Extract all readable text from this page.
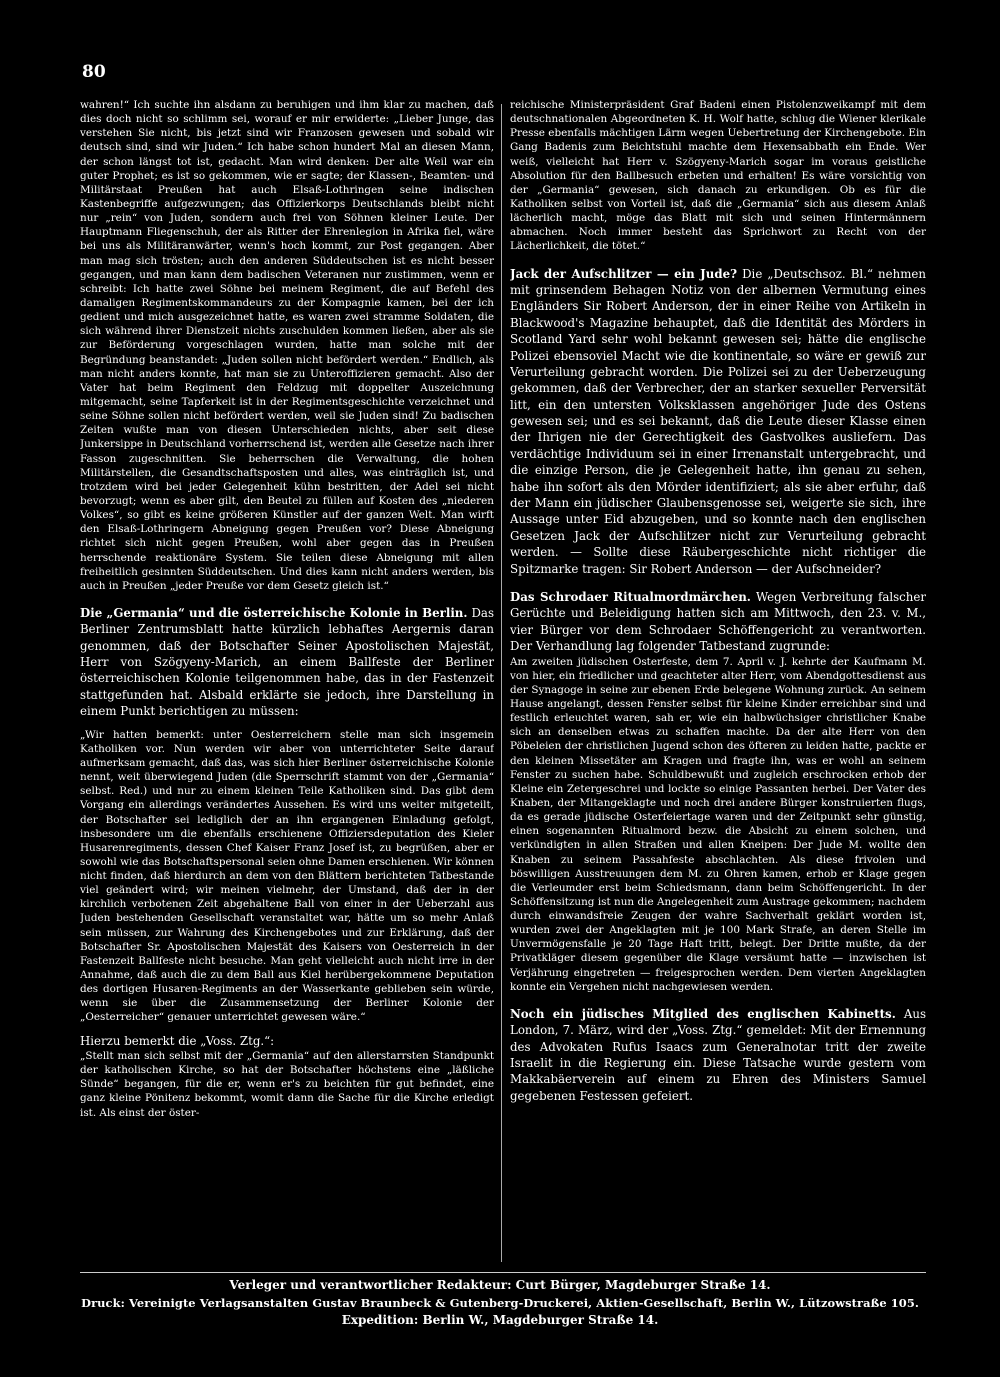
80

wahren!“ Ich suchte ihn alsdann zu beruhigen und ihm klar zu machen, daß dies doch nicht so schlimm sei, worauf er mir erwiderte: „Lieber Junge, das verstehen Sie nicht, bis jetzt sind wir Franzosen gewesen und sobald wir deutsch sind, sind wir Juden.“ Ich habe schon hundert Mal an diesen Mann, der schon längst tot ist, gedacht. Man wird denken: Der alte Weil war ein guter Prophet; es ist so gekommen, wie er sagte; der Klassen-, Beamten- und Militärstaat Preußen hat auch Elsaß-Lothringen seine indischen Kastenbegriffe aufgezwungen; das Offizierkorps Deutschlands bleibt nicht nur „rein“ von Juden, sondern auch frei von Söhnen kleiner Leute. Der Hauptmann Fliegenschuh, der als Ritter der Ehrenlegion in Afrika fiel, wäre bei uns als Militäranwärter, wenn's hoch kommt, zur Post gegangen. Aber man mag sich trösten; auch den anderen Süddeutschen ist es nicht besser gegangen, und man kann dem badischen Veteranen nur zustimmen, wenn er schreibt: Ich hatte zwei Söhne bei meinem Regiment, die auf Befehl des damaligen Regimentskommandeurs zu der Kompagnie kamen, bei der ich gedient und mich ausgezeichnet hatte, es waren zwei stramme Soldaten, die sich während ihrer Dienstzeit nichts zuschulden kommen ließen, aber als sie zur Beförderung vorgeschlagen wurden, hatte man solche mit der Begründung beanstandet: „Juden sollen nicht befördert werden.“ Endlich, als man nicht anders konnte, hat man sie zu Unteroffizieren gemacht. Also der Vater hat beim Regiment den Feldzug mit doppelter Auszeichnung mitgemacht, seine Tapferkeit ist in der Regimentsgeschichte verzeichnet und seine Söhne sollen nicht befördert werden, weil sie Juden sind! Zu badischen Zeiten wußte man von diesen Unterschieden nichts, aber seit diese Junkersippe in Deutschland vorherrschend ist, werden alle Gesetze nach ihrer Fasson zugeschnitten. Sie beherrschen die Verwaltung, die hohen Militärstellen, die Gesandtschaftsposten und alles, was einträglich ist, und trotzdem wird bei jeder Gelegenheit kühn bestritten, der Adel sei nicht bevorzugt; wenn es aber gilt, den Beutel zu füllen auf Kosten des „niederen Volkes“, so gibt es keine größeren Künstler auf der ganzen Welt. Man wirft den Elsaß-Lothringern Abneigung gegen Preußen vor? Diese Abneigung richtet sich nicht gegen Preußen, wohl aber gegen das in Preußen herrschende reaktionäre System. Sie teilen diese Abneigung mit allen freiheitlich gesinnten Süddeutschen. Und dies kann nicht anders werden, bis auch in Preußen „jeder Preuße vor dem Gesetz gleich ist.“

Die „Germania“ und die österreichische Kolonie in Berlin. Das Berliner Zentrumsblatt hatte kürzlich lebhaftes Aergernis daran genommen, daß der Botschafter Seiner Apostolischen Majestät, Herr von Szögyeny-Marich, an einem Ballfeste der Berliner österreichischen Kolonie teilgenommen habe, das in der Fastenzeit stattgefunden hat. Alsbald erklärte sie jedoch, ihre Darstellung in einem Punkt berichtigen zu müssen:

„Wir hatten bemerkt: unter Oesterreichern stelle man sich insgemein Katholiken vor. Nun werden wir aber von unterrichteter Seite darauf aufmerksam gemacht, daß das, was sich hier Berliner österreichische Kolonie nennt, weit überwiegend Juden (die Sperrschrift stammt von der „Germania“ selbst. Red.) und nur zu einem kleinen Teile Katholiken sind. Das gibt dem Vorgang ein allerdings verändertes Aussehen. Es wird uns weiter mitgeteilt, der Botschafter sei lediglich der an ihn ergangenen Einladung gefolgt, insbesondere um die ebenfalls erschienene Offiziersdeputation des Kieler Husarenregiments, dessen Chef Kaiser Franz Josef ist, zu begrüßen, aber er sowohl wie das Botschaftspersonal seien ohne Damen erschienen. Wir können nicht finden, daß hierdurch an dem von den Blättern berichteten Tatbestande viel geändert wird; wir meinen vielmehr, der Umstand, daß der in der kirchlich verbotenen Zeit abgehaltene Ball von einer in der Ueberzahl aus Juden bestehenden Gesellschaft veranstaltet war, hätte um so mehr Anlaß sein müssen, zur Wahrung des Kirchengebotes und zur Erklärung, daß der Botschafter Sr. Apostolischen Majestät des Kaisers von Oesterreich in der Fastenzeit Ballfeste nicht besuche. Man geht vielleicht auch nicht irre in der Annahme, daß auch die zu dem Ball aus Kiel herübergekommene Deputation des dortigen Husaren-Regiments an der Wasserkante geblieben sein würde, wenn sie über die Zusammensetzung der Berliner Kolonie der „Oesterreicher“ genauer unterrichtet gewesen wäre.“

Hierzu bemerkt die „Voss. Ztg.“:

„Stellt man sich selbst mit der „Germania“ auf den allerstarrsten Standpunkt der katholischen Kirche, so hat der Botschafter höchstens eine „läßliche Sünde“ begangen, für die er, wenn er's zu beichten für gut befindet, eine ganz kleine Pönitenz bekommt, womit dann die Sache für die Kirche erledigt ist. Als einst der öster-

reichische Ministerpräsident Graf Badeni einen Pistolenzweikampf mit dem deutschnationalen Abgeordneten K. H. Wolf hatte, schlug die Wiener klerikale Presse ebenfalls mächtigen Lärm wegen Uebertretung der Kirchengebote. Ein Gang Badenis zum Beichtstuhl machte dem Hexensabbath ein Ende. Wer weiß, vielleicht hat Herr v. Szögyeny-Marich sogar im voraus geistliche Absolution für den Ballbesuch erbeten und erhalten! Es wäre vorsichtig von der „Germania“ gewesen, sich danach zu erkundigen. Ob es für die Katholiken selbst von Vorteil ist, daß die „Germania“ sich aus diesem Anlaß lächerlich macht, möge das Blatt mit sich und seinen Hintermännern abmachen. Noch immer besteht das Sprichwort zu Recht von der Lächerlichkeit, die tötet.“

Jack der Aufschlitzer — ein Jude? Die „Deutschsoz. Bl.“ nehmen mit grinsendem Behagen Notiz von der albernen Vermutung eines Engländers Sir Robert Anderson, der in einer Reihe von Artikeln in Blackwood's Magazine behauptet, daß die Identität des Mörders in Scotland Yard sehr wohl bekannt gewesen sei; hätte die englische Polizei ebensoviel Macht wie die kontinentale, so wäre er gewiß zur Verurteilung gebracht worden. Die Polizei sei zu der Ueberzeugung gekommen, daß der Verbrecher, der an starker sexueller Perversität litt, ein den untersten Volksklassen angehöriger Jude des Ostens gewesen sei; und es sei bekannt, daß die Leute dieser Klasse einen der Ihrigen nie der Gerechtigkeit des Gastvolkes ausliefern. Das verdächtige Individuum sei in einer Irrenanstalt untergebracht, und die einzige Person, die je Gelegenheit hatte, ihn genau zu sehen, habe ihn sofort als den Mörder identifiziert; als sie aber erfuhr, daß der Mann ein jüdischer Glaubensgenosse sei, weigerte sie sich, ihre Aussage unter Eid abzugeben, und so konnte nach den englischen Gesetzen Jack der Aufschlitzer nicht zur Verurteilung gebracht werden. — Sollte diese Räubergeschichte nicht richtiger die Spitzmarke tragen: Sir Robert Anderson — der Aufschneider?

Das Schrodaer Ritualmordmärchen. Wegen Verbreitung falscher Gerüchte und Beleidigung hatten sich am Mittwoch, den 23. v. M., vier Bürger vor dem Schrodaer Schöffengericht zu verantworten. Der Verhandlung lag folgender Tatbestand zugrunde:

Am zweiten jüdischen Osterfeste, dem 7. April v. J. kehrte der Kaufmann M. von hier, ein friedlicher und geachteter alter Herr, vom Abendgottesdienst aus der Synagoge in seine zur ebenen Erde belegene Wohnung zurück. An seinem Hause angelangt, dessen Fenster selbst für kleine Kinder erreichbar sind und festlich erleuchtet waren, sah er, wie ein halbwüchsiger christlicher Knabe sich an denselben etwas zu schaffen machte. Da der alte Herr von den Pöbeleien der christlichen Jugend schon des öfteren zu leiden hatte, packte er den kleinen Missetäter am Kragen und fragte ihn, was er wohl an seinem Fenster zu suchen habe. Schuldbewußt und zugleich erschrocken erhob der Kleine ein Zetergeschrei und lockte so einige Passanten herbei. Der Vater des Knaben, der Mitangeklagte und noch drei andere Bürger konstruierten flugs, da es gerade jüdische Osterfeiertage waren und der Zeitpunkt sehr günstig, einen sogenannten Ritualmord bezw. die Absicht zu einem solchen, und verkündigten in allen Straßen und allen Kneipen: Der Jude M. wollte den Knaben zu seinem Passahfeste abschlachten. Als diese frivolen und böswilligen Ausstreuungen dem M. zu Ohren kamen, erhob er Klage gegen die Verleumder erst beim Schiedsmann, dann beim Schöffengericht. In der Schöffensitzung ist nun die Angelegenheit zum Austrage gekommen; nachdem durch einwandsfreie Zeugen der wahre Sachverhalt geklärt worden ist, wurden zwei der Angeklagten mit je 100 Mark Strafe, an deren Stelle im Unvermögensfalle je 20 Tage Haft tritt, belegt. Der Dritte mußte, da der Privatkläger diesem gegenüber die Klage versäumt hatte — inzwischen ist Verjährung eingetreten — freigesprochen werden. Dem vierten Angeklagten konnte ein Vergehen nicht nachgewiesen werden.

Noch ein jüdisches Mitglied des englischen Kabinetts. Aus London, 7. März, wird der „Voss. Ztg.“ gemeldet: Mit der Ernennung des Advokaten Rufus Isaacs zum Generalnotar tritt der zweite Israelit in die Regierung ein. Diese Tatsache wurde gestern vom Makkabäerverein auf einem zu Ehren des Ministers Samuel gegebenen Festessen gefeiert.

Verleger und verantwortlicher Redakteur: Curt Bürger, Magdeburger Straße 14.
Druck: Vereinigte Verlagsanstalten Gustav Braunbeck & Gutenberg-Druckerei, Aktien-Gesellschaft, Berlin W., Lützowstraße 105.
Expedition: Berlin W., Magdeburger Straße 14.
